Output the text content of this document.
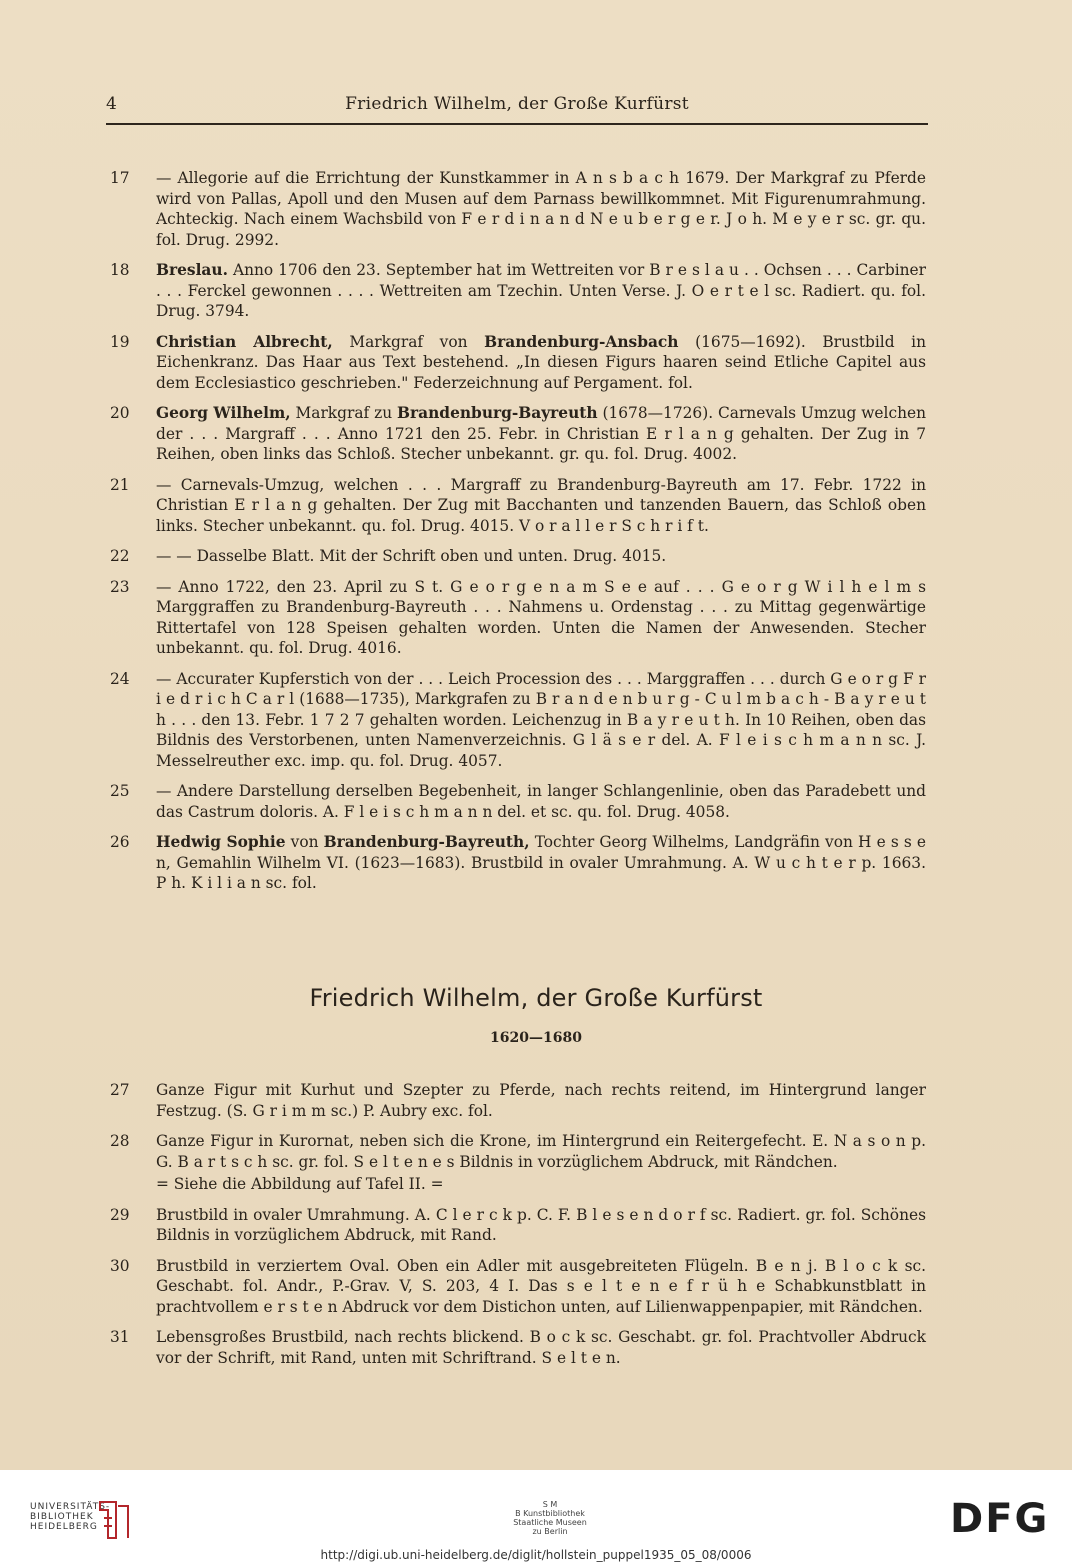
4	Friedrich Wilhelm, der Große Kurfürst
17	— Allegorie auf die Errichtung der Kunstkammer in A n s b a c h 1679. Der Markgraf zu Pferde wird von Pallas, Apoll und den Musen auf dem Parnass bewillkommnet. Mit Figurenumrahmung. Achteckig. Nach einem Wachsbild von F e r d i n a n d N e u b e r g e r. J o h. M e y e r sc. gr. qu. fol. Drug. 2992.
18	Breslau. Anno 1706 den 23. September hat im Wettreiten vor B r e s l a u . . Ochsen . . . Carbiner . . . Ferckel gewonnen . . . . Wettreiten am Tzechin. Unten Verse. J. O e r t e l sc. Radiert. qu. fol. Drug. 3794.
19	Christian Albrecht, Markgraf von Brandenburg-Ansbach (1675—1692). Brustbild in Eichenkranz. Das Haar aus Text bestehend. „In diesen Figurs haaren seind Etliche Capitel aus dem Ecclesiastico geschrieben." Federzeichnung auf Pergament. fol.
20	Georg Wilhelm, Markgraf zu Brandenburg-Bayreuth (1678—1726). Carnevals Umzug welchen der . . . Margraff . . . Anno 1721 den 25. Febr. in Christian E r l a n g gehalten. Der Zug in 7 Reihen, oben links das Schloß. Stecher unbekannt. gr. qu. fol. Drug. 4002.
21	— Carnevals-Umzug, welchen . . . Margraff zu Brandenburg-Bayreuth am 17. Febr. 1722 in Christian E r l a n g gehalten. Der Zug mit Bacchanten und tanzenden Bauern, das Schloß oben links. Stecher unbekannt. qu. fol. Drug. 4015. V o r a l l e r S c h r i f t.
22	— — Dasselbe Blatt. Mit der Schrift oben und unten. Drug. 4015.
23	— Anno 1722, den 23. April zu S t. G e o r g e n a m S e e auf . . . G e o r g W i l h e l m s Marggraffen zu Brandenburg-Bayreuth . . . Nahmens u. Ordenstag . . . zu Mittag gegenwärtige Rittertafel von 128 Speisen gehalten worden. Unten die Namen der Anwesenden. Stecher unbekannt. qu. fol. Drug. 4016.
24	— Accurater Kupferstich von der . . . Leich Procession des . . . Marggraffen . . . durch G e o r g F r i e d r i c h C a r l (1688—1735), Markgrafen zu B r a n d e n b u r g - C u l m b a c h - B a y r e u t h . . . den 13. Febr. 1 7 2 7 gehalten worden. Leichenzug in B a y r e u t h. In 10 Reihen, oben das Bildnis des Verstorbenen, unten Namenverzeichnis. G l ä s e r del. A. F l e i s c h m a n n sc. J. Messelreuther exc. imp. qu. fol. Drug. 4057.
25	— Andere Darstellung derselben Begebenheit, in langer Schlangenlinie, oben das Paradebett und das Castrum doloris. A. F l e i s c h m a n n del. et sc. qu. fol. Drug. 4058.
26	Hedwig Sophie von Brandenburg-Bayreuth, Tochter Georg Wilhelms, Landgräfin von H e s s e n, Gemahlin Wilhelm VI. (1623—1683). Brustbild in ovaler Umrahmung. A. W u c h t e r p. 1663. P h. K i l i a n sc. fol.
Friedrich Wilhelm, der Große Kurfürst
1620—1680
27	Ganze Figur mit Kurhut und Szepter zu Pferde, nach rechts reitend, im Hintergrund langer Festzug. (S. G r i m m sc.) P. Aubry exc. fol.
28	Ganze Figur in Kurornat, neben sich die Krone, im Hintergrund ein Reitergefecht. E. N a s o n p. G. B a r t s c h sc. gr. fol. S e l t e n e s Bildnis in vorzüglichem Abdruck, mit Rändchen.
= Siehe die Abbildung auf Tafel II. =
29	Brustbild in ovaler Umrahmung. A. C l e r c k p. C. F. B l e s e n d o r f sc. Radiert. gr. fol. Schönes Bildnis in vorzüglichem Abdruck, mit Rand.
30	Brustbild in verziertem Oval. Oben ein Adler mit ausgebreiteten Flügeln. B e n j. B l o c k sc. Geschabt. fol. Andr., P.-Grav. V, S. 203, 4 I. Das s e l t e n e f r ü h e Schabkunstblatt in prachtvollem e r s t e n Abdruck vor dem Distichon unten, auf Lilienwappenpapier, mit Rändchen.
31	Lebensgroßes Brustbild, nach rechts blickend. B o c k sc. Geschabt. gr. fol. Prachtvoller Abdruck vor der Schrift, mit Rand, unten mit Schriftrand. S e l t e n.
UNIVERSITÄTS-
BIBLIOTHEK
HEIDELBERG
S M
B Kunstbibliothek
Staatliche Museen
zu Berlin	DFG
http://digi.ub.uni-heidelberg.de/diglit/hollstein_puppel1935_05_08/0006
